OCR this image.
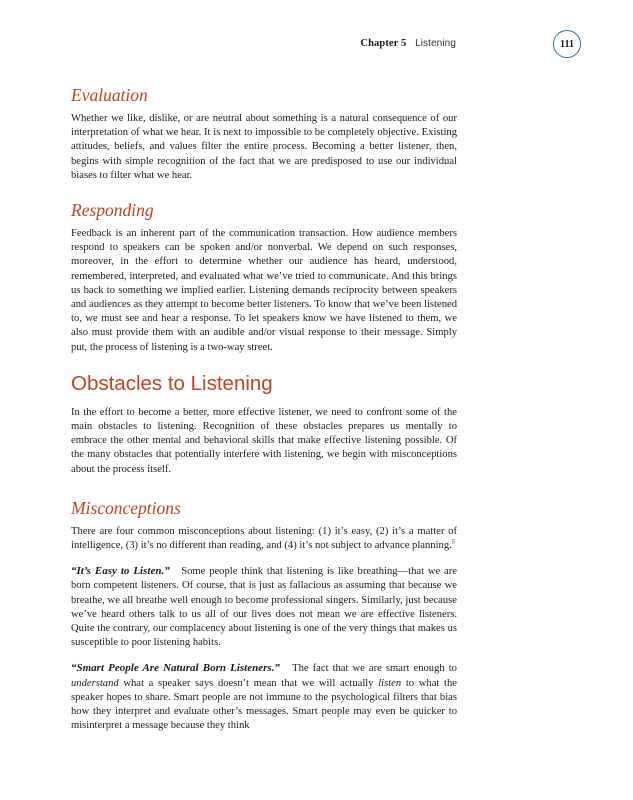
Chapter 5 Listening	111
Evaluation

Whether we like, dislike, or are neutral about something is a natural consequence of our interpretation of what we hear. It is next to impossible to be completely objective. Existing attitudes, beliefs, and values filter the entire process. Becoming a better listener, then, begins with simple recognition of the fact that we are predisposed to use our individual biases to filter what we hear.

Responding

Feedback is an inherent part of the communication transaction. How audience members respond to speakers can be spoken and/or nonverbal. We depend on such responses, moreover, in the effort to determine whether our audience has heard, understood, remembered, interpreted, and evaluated what we’ve tried to communicate. And this brings us back to something we implied earlier. Listening demands reciprocity between speakers and audiences as they attempt to become better listeners. To know that we’ve been listened to, we must see and hear a response. To let speakers know we have listened to them, we also must provide them with an audible and/or visual response to their message. Simply put, the process of listening is a two-way street.

Obstacles to Listening

In the effort to become a better, more effective listener, we need to confront some of the main obstacles to listening. Recognition of these obstacles prepares us mentally to embrace the other mental and behavioral skills that make effective listening possible. Of the many obstacles that potentially interfere with listening, we begin with misconceptions about the process itself.

Misconceptions

There are four common misconceptions about listening: (1) it’s easy, (2) it’s a matter of intelligence, (3) it’s no different than reading, and (4) it’s not subject to advance planning.$^5$

“It’s Easy to Listen.” Some people think that listening is like breathing—that we are born competent listeners. Of course, that is just as fallacious as assuming that because we breathe, we all breathe well enough to become professional singers. Similarly, just because we’ve heard others talk to us all of our lives does not mean we are effective listeners. Quite the contrary, our complacency about listening is one of the very things that makes us susceptible to poor listening habits.

“Smart People Are Natural Born Listeners.” The fact that we are smart enough to understand what a speaker says doesn’t mean that we will actually listen to what the speaker hopes to share. Smart people are not immune to the psychological filters that bias how they interpret and evaluate other’s messages. Smart people may even be quicker to misinterpret a message because they think
